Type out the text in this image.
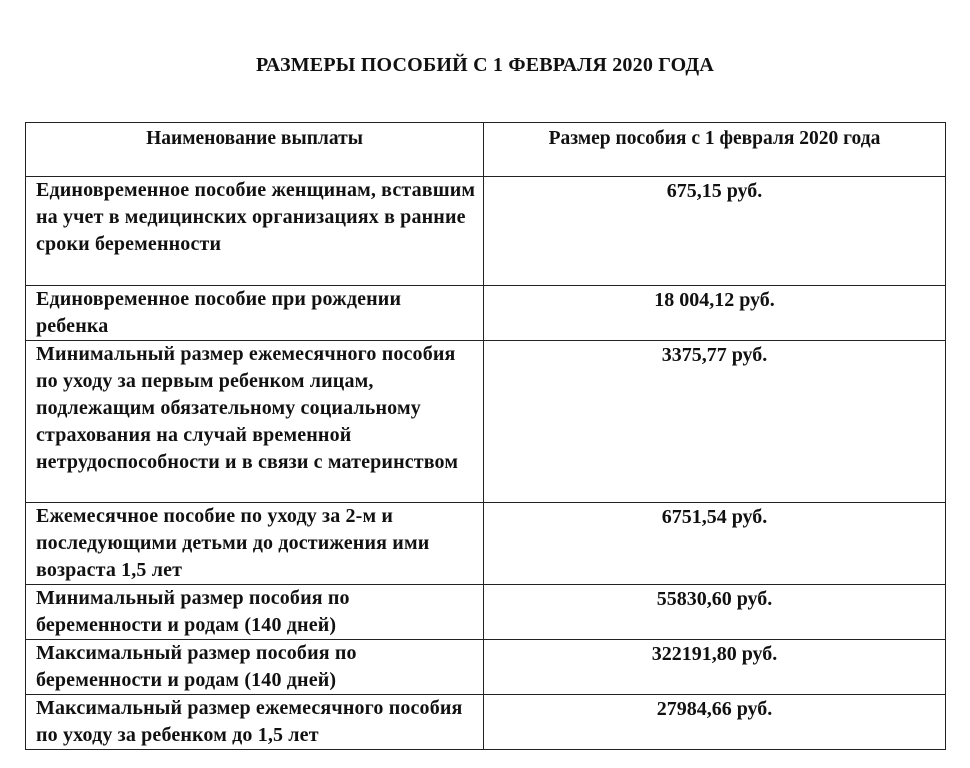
РАЗМЕРЫ ПОСОБИЙ С 1 ФЕВРАЛЯ 2020 ГОДА
Наименование выплаты	Размер пособия с 1 февраля 2020 года
Единовременное пособие женщинам, вставшим на учет в медицинских организациях в ранние сроки беременности	675,15 руб.
Единовременное пособие при рождении ребенка	18 004,12 руб.
Минимальный размер ежемесячного пособия по уходу за первым ребенком лицам, подлежащим обязательному социальному страхования на случай временной нетрудоспособности и в связи с материнством	3375,77 руб.
Ежемесячное пособие по уходу за 2-м и последующими детьми до достижения ими возраста 1,5 лет	6751,54 руб.
Минимальный размер пособия по беременности и родам (140 дней)	55830,60 руб.
Максимальный размер пособия по беременности и родам (140 дней)	322191,80 руб.
Максимальный размер ежемесячного пособия по уходу за ребенком до 1,5 лет	27984,66 руб.
